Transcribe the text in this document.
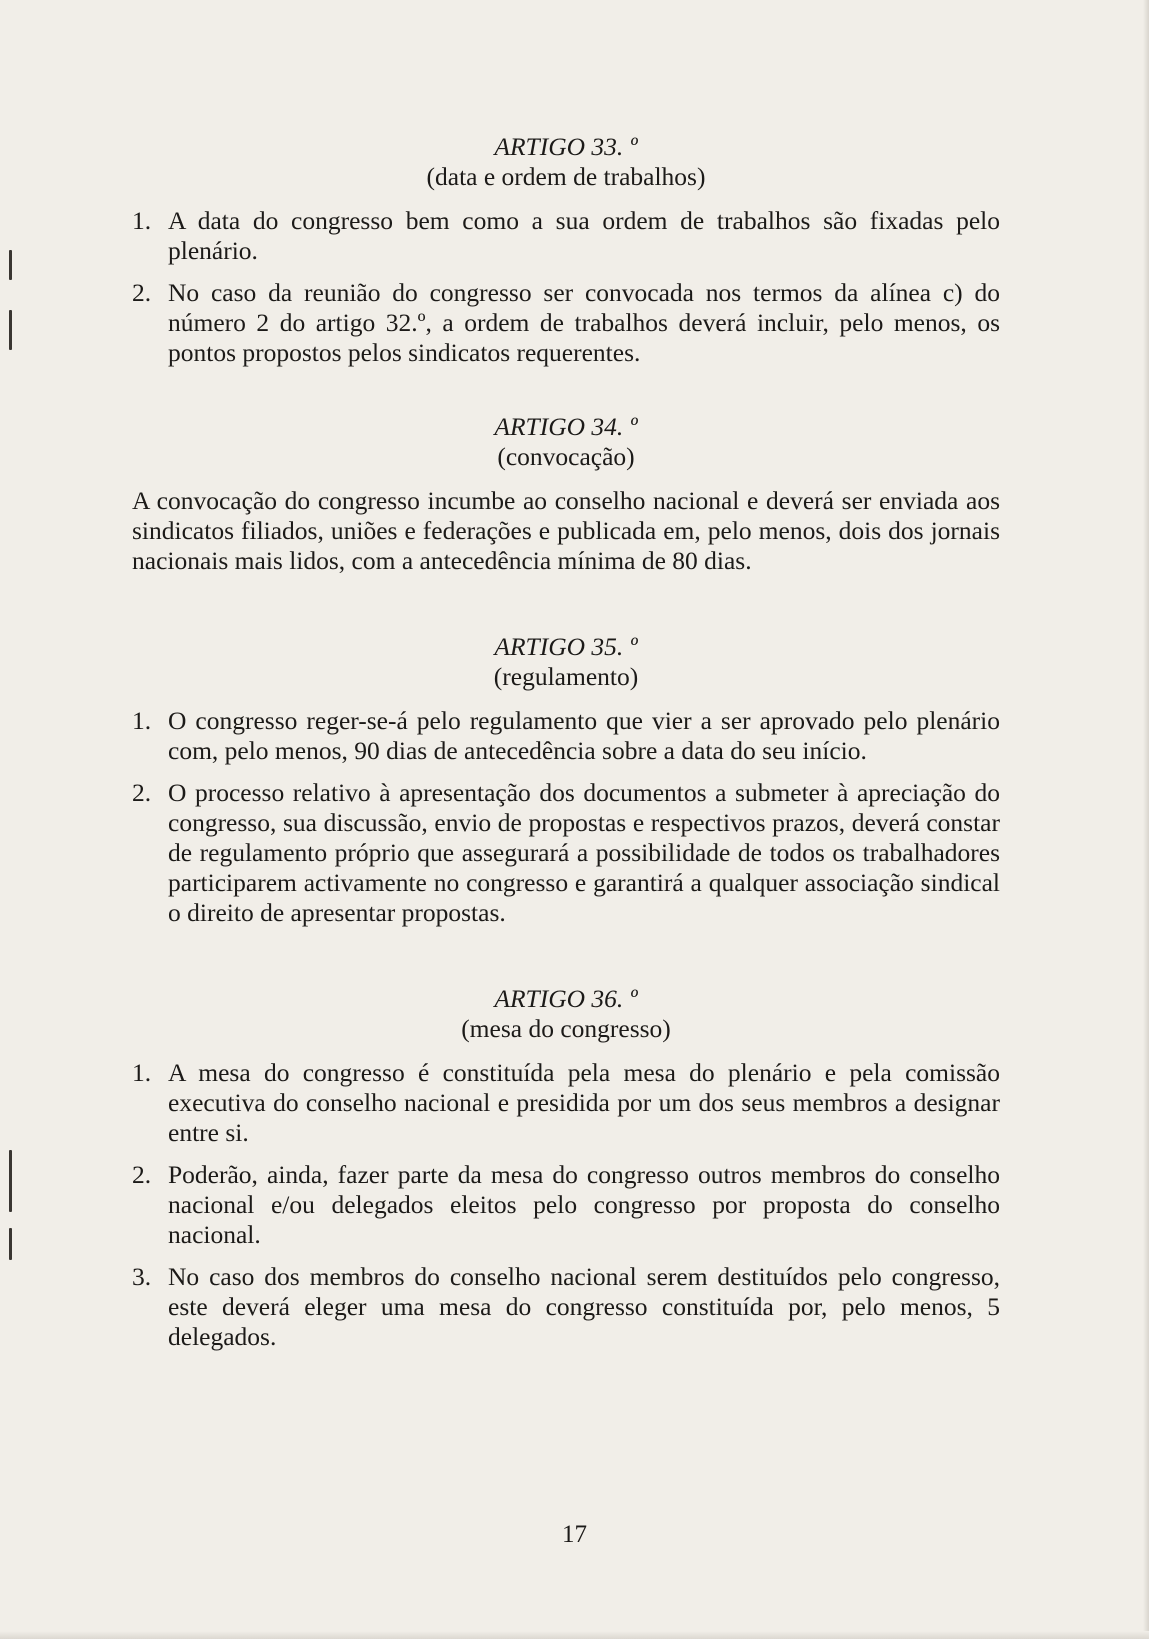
ARTIGO 33. º

(data e ordem de trabalhos)

1. A data do congresso bem como a sua ordem de trabalhos são fixadas pelo plenário.
2. No caso da reunião do congresso ser convocada nos termos da alínea c) do número 2 do artigo 32.º, a ordem de trabalhos deverá incluir, pelo menos, os pontos propostos pelos sindicatos requerentes.

ARTIGO 34. º

(convocação)

A convocação do congresso incumbe ao conselho nacional e deverá ser enviada aos sindicatos filiados, uniões e federações e publicada em, pelo menos, dois dos jornais nacionais mais lidos, com a antecedência mínima de 80 dias.

ARTIGO 35. º

(regulamento)

1. O congresso reger-se-á pelo regulamento que vier a ser aprovado pelo plenário com, pelo menos, 90 dias de antecedência sobre a data do seu início.
2. O processo relativo à apresentação dos documentos a submeter à apreciação do congresso, sua discussão, envio de propostas e respectivos prazos, deverá constar de regulamento próprio que assegurará a possibilidade de todos os trabalhadores participarem activamente no congresso e garantirá a qualquer associação sindical o direito de apresentar propostas.

ARTIGO 36. º

(mesa do congresso)

1. A mesa do congresso é constituída pela mesa do plenário e pela comissão executiva do conselho nacional e presidida por um dos seus membros a designar entre si.
2. Poderão, ainda, fazer parte da mesa do congresso outros membros do conselho nacional e/ou delegados eleitos pelo congresso por proposta do conselho nacional.
3. No caso dos membros do conselho nacional serem destituídos pelo congresso, este deverá eleger uma mesa do congresso constituída por, pelo menos, 5 delegados.
17
